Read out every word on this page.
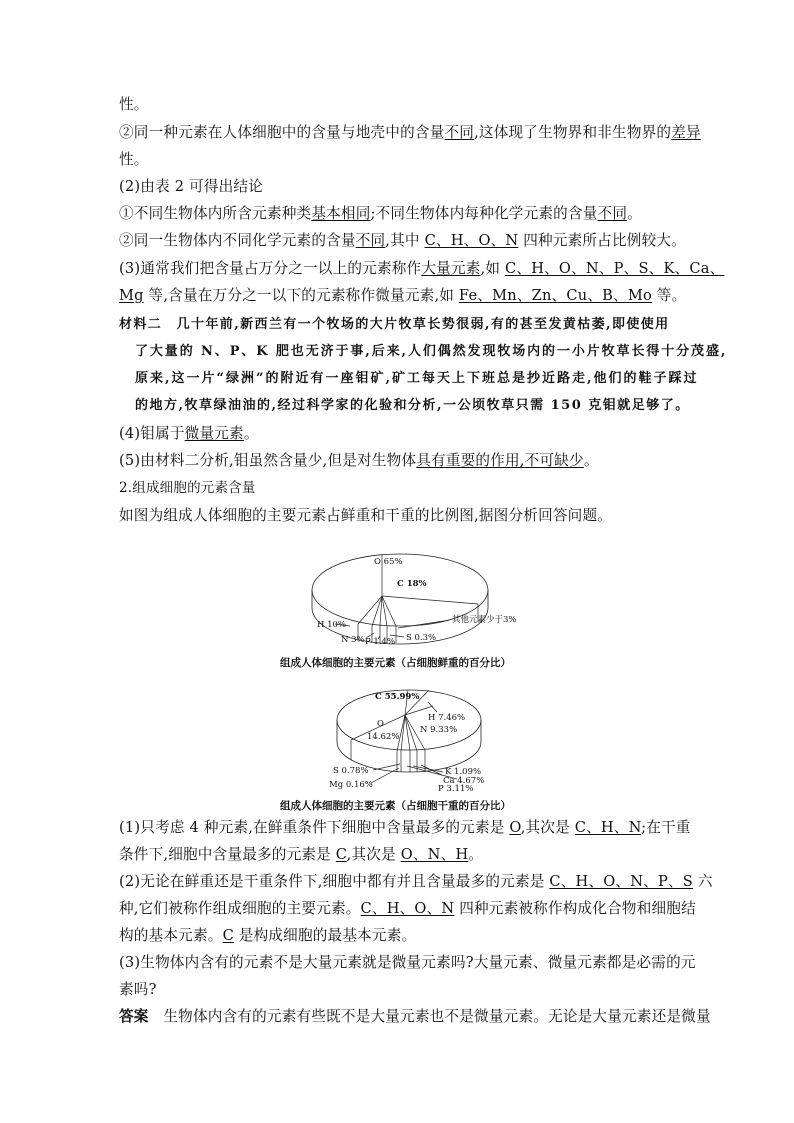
性。
②同一种元素在人体细胞中的含量与地壳中的含量不同,这体现了生物界和非生物界的差异
性。
(2)由表 2 可得出结论
①不同生物体内所含元素种类基本相同;不同生物体内每种化学元素的含量不同。
②同一生物体内不同化学元素的含量不同,其中 C、H、O、N 四种元素所占比例较大。
(3)通常我们把含量占万分之一以上的元素称作大量元素,如 C、H、O、N、P、S、K、Ca、
Mg 等,含量在万分之一以下的元素称作微量元素,如 Fe、Mn、Zn、Cu、B、Mo 等。
材料二　几十年前,新西兰有一个牧场的大片牧草长势很弱,有的甚至发黄枯萎,即使使用
了大量的 N、P、K 肥也无济于事,后来,人们偶然发现牧场内的一小片牧草长得十分茂盛,
原来,这一片“绿洲”的附近有一座钼矿,矿工每天上下班总是抄近路走,他们的鞋子踩过
的地方,牧草绿油油的,经过科学家的化验和分析,一公顷牧草只需 150 克钼就足够了。
(4)钼属于微量元素。
(5)由材料二分析,钼虽然含量少,但是对生物体具有重要的作用,不可缺少。
2.组成细胞的元素含量
如图为组成人体细胞的主要元素占鲜重和干重的比例图,据图分析回答问题。
O 65%
C 18%
H 10%
N 3% P 1.4% S 0.3%
其他元素少于3%
组成人体细胞的主要元素（占细胞鲜重的百分比）
C 55.99%
O
14.62%
H 7.46%
N 9.33%
K 1.09%
Ca 4.67%
P 3.11%
S 0.78%
Mg 0.16%
组成人体细胞的主要元素（占细胞干重的百分比）
(1)只考虑 4 种元素,在鲜重条件下细胞中含量最多的元素是 O,其次是 C、H、N;在干重
条件下,细胞中含量最多的元素是 C,其次是 O、N、H。
(2)无论在鲜重还是干重条件下,细胞中都有并且含量最多的元素是 C、H、O、N、P、S 六
种,它们被称作组成细胞的主要元素。C、H、O、N 四种元素被称作构成化合物和细胞结
构的基本元素。C 是构成细胞的最基本元素。
(3)生物体内含有的元素不是大量元素就是微量元素吗?大量元素、微量元素都是必需的元
素吗?
答案　生物体内含有的元素有些既不是大量元素也不是微量元素。无论是大量元素还是微量
